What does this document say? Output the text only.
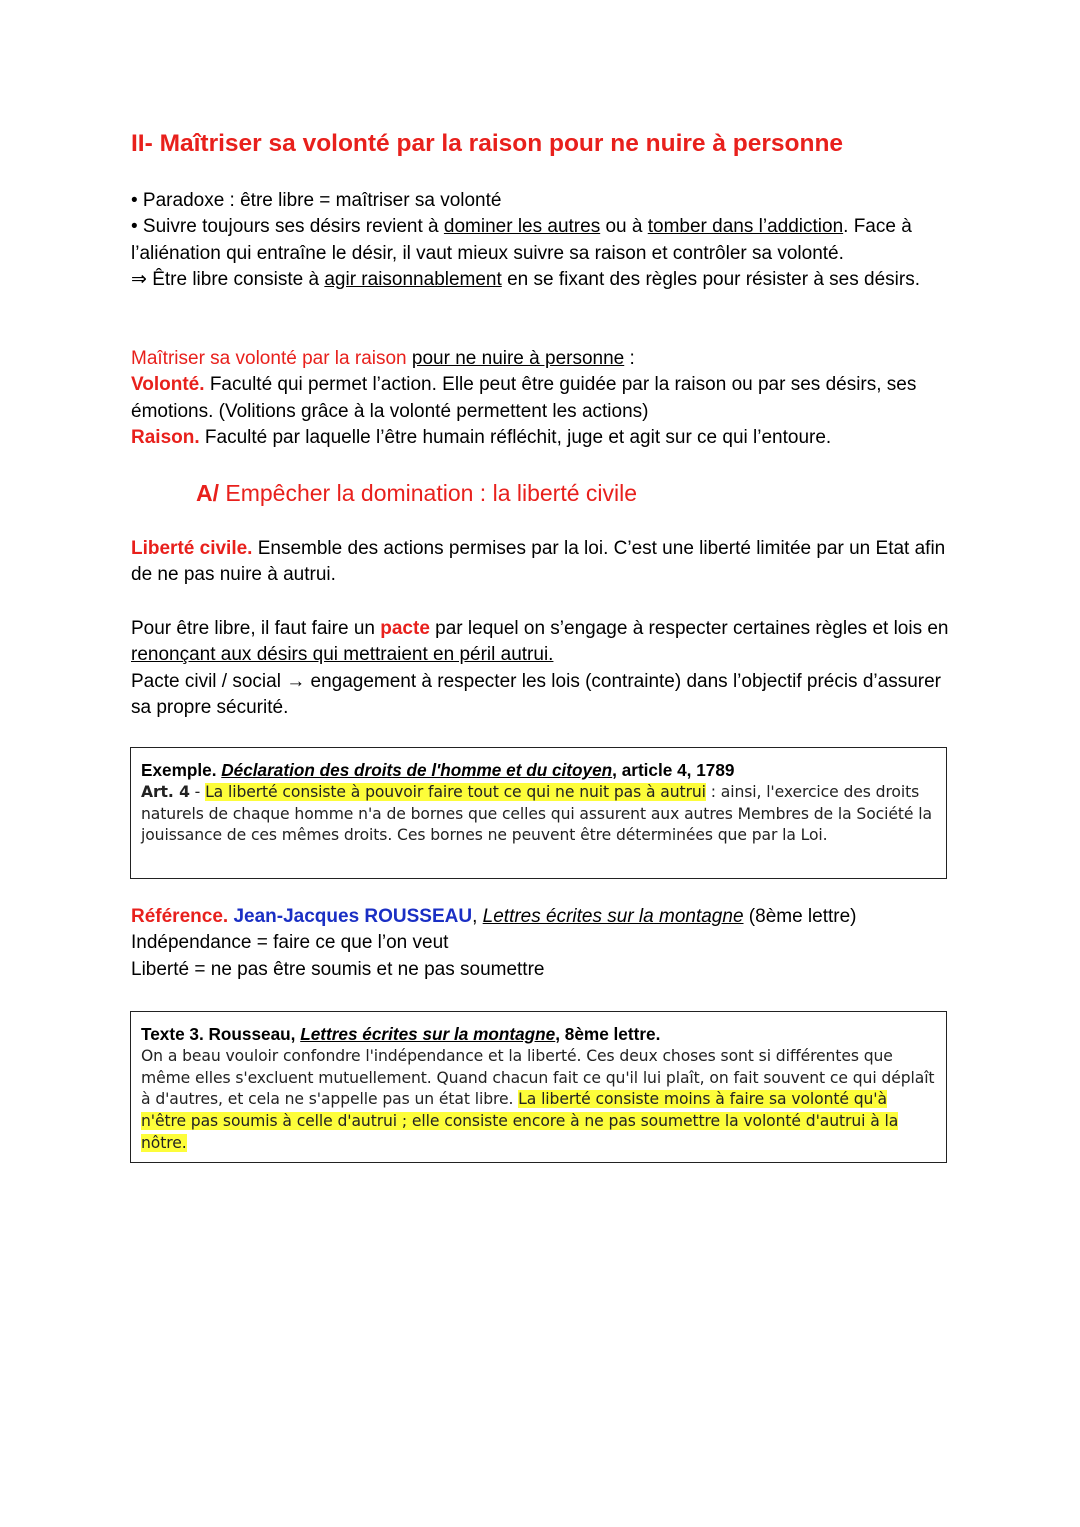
II- Maîtriser sa volonté par la raison pour ne nuire à personne

• Paradoxe : être libre = maîtriser sa volonté

• Suivre toujours ses désirs revient à dominer les autres ou à tomber dans l’addiction. Face à l’aliénation qui entraîne le désir, il vaut mieux suivre sa raison et contrôler sa volonté.

⇒ Être libre consiste à agir raisonnablement en se fixant des règles pour résister à ses désirs.

Maîtriser sa volonté par la raison pour ne nuire à personne :

Volonté. Faculté qui permet l’action. Elle peut être guidée par la raison ou par ses désirs, ses émotions. (Volitions grâce à la volonté permettent les actions)

Raison. Faculté par laquelle l’être humain réfléchit, juge et agit sur ce qui l’entoure.

A/ Empêcher la domination : la liberté civile

Liberté civile. Ensemble des actions permises par la loi. C’est une liberté limitée par un Etat afin de ne pas nuire à autrui.

Pour être libre, il faut faire un pacte par lequel on s’engage à respecter certaines règles et lois en renonçant aux désirs qui mettraient en péril autrui.

Pacte civil / social → engagement à respecter les lois (contrainte) dans l’objectif précis d’assurer sa propre sécurité.

Exemple. Déclaration des droits de l'homme et du citoyen, article 4, 1789
Art. 4 - La liberté consiste à pouvoir faire tout ce qui ne nuit pas à autrui : ainsi, l'exercice des droits naturels de chaque homme n'a de bornes que celles qui assurent aux autres Membres de la Société la jouissance de ces mêmes droits. Ces bornes ne peuvent être déterminées que par la Loi.

Référence. Jean-Jacques ROUSSEAU, Lettres écrites sur la montagne (8ème lettre)

Indépendance = faire ce que l’on veut

Liberté = ne pas être soumis et ne pas soumettre

Texte 3. Rousseau, Lettres écrites sur la montagne, 8ème lettre.
On a beau vouloir confondre l'indépendance et la liberté. Ces deux choses sont si différentes que même elles s'excluent mutuellement. Quand chacun fait ce qu'il lui plaît, on fait souvent ce qui déplaît à d'autres, et cela ne s'appelle pas un état libre. La liberté consiste moins à faire sa volonté qu'à n'être pas soumis à celle d'autrui ; elle consiste encore à ne pas soumettre la volonté d'autrui à la nôtre.
